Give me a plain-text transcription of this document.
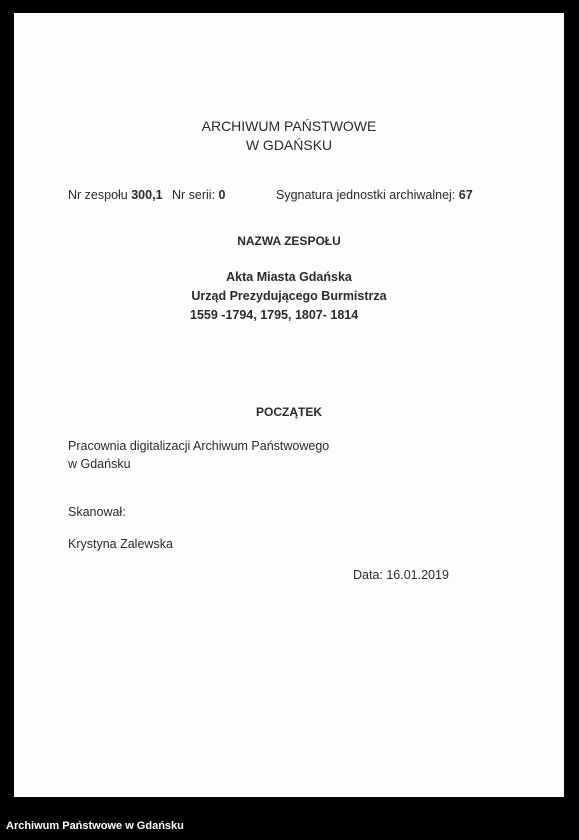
ARCHIWUM PAŃSTWOWE
W GDAŃSKU
Nr zespołu 300,1 Nr serii: 0	Sygnatura jednostki archiwalnej: 67
NAZWA ZESPOŁU
Akta Miasta Gdańska
Urząd Prezydującego Burmistrza
1559 -1794, 1795, 1807- 1814
POCZĄTEK
Pracownia digitalizacji Archiwum Państwowego
w Gdańsku
Skanował:
Krystyna Zalewska
Data: 16.01.2019
Archiwum Państwowe w Gdańsku
